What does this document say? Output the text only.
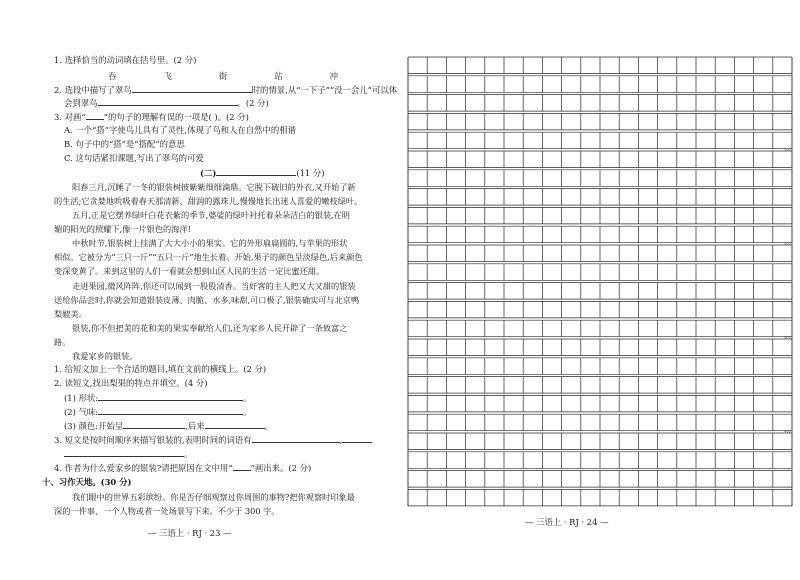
1. 选择恰当的动词填在括号里。(2 分)
吞	飞	街	站	冲
2. 选段中描写了翠鸟	时的情景,从“一下子”“没一会儿”可以体
会到翠鸟	。(2 分)
3. 对画“ ”的句子的理解有误的一项是( )。(2 分)
A. 一个“搭”字使鸟儿具有了灵性,体现了鸟和人在自然中的相谐
B. 句子中的“搭”是“搭配”的意思
C. 这句话紧扣课题,写出了翠鸟的可爱
(二)	(11 分)
阳春三月,沉睡了一冬的银装树披紫紫细细滴鼎。它脱下破旧的外衣,又开始了新
的生活;它贪婪地吮吸着春天那清新、甜润的露珠儿,慢慢地长出迷人喜爱的嫩枝绿叶。
五月,正是它摆养绿叶白花衣紫的季节,婆娑的绿叶衬托着朵朵洁白的银装,在明
媚的阳光的照耀下,像一片银色的海洋!
中秋时节,银装树上挂满了大大小小的果实。它的外形扁扁圆的,与苹果的形状
相似。它被分为“三只一斤”“五只一斤”地生长着。开始,果子的颜色呈淡绿色,后来颜色
变深变黄了。来到这里的人们一看就会想到山区人民的生活一定比蜜还甜。
走进果园,微风阵阵,你还可以闻到一股股清香。当好客的主人把又大又甜的银装
送给你品尝时,你就会知道银装皮薄、肉脆、水多,味甜,可口极了,银装确实可与北京鸭
梨媲美。
银装,你不但把美的花和美的果实奉献给人们,还为家乡人民开辟了一条致富之
路。
我爱家乡的银装。
1. 给短文加上一个合适的题目,填在文前的横线上。(2 分)
2. 读短文,找出梨果的特点并填空。(4 分)
(1) 形状:	。
(2) 气味:	。
(3) 颜色:开始呈	,后来	。
3. 短文是按时间顺序来描写银装的,表明时间的词语有	,
。
4. 作者为什么爱家乡的银装?请把原因在文中用“ ”画出来。(2 分)
十、习作天地。(30 分)
我们眼中的世界五彩缤纷。你是否仔细观察过你周围的事物?把你观察时印象最
深的一件事、一个人物或者一处场景写下来。不少于 300 字。
— 三语上 · RJ · 23 —
100
200
300
400
— 三语上 · RJ · 24 —
